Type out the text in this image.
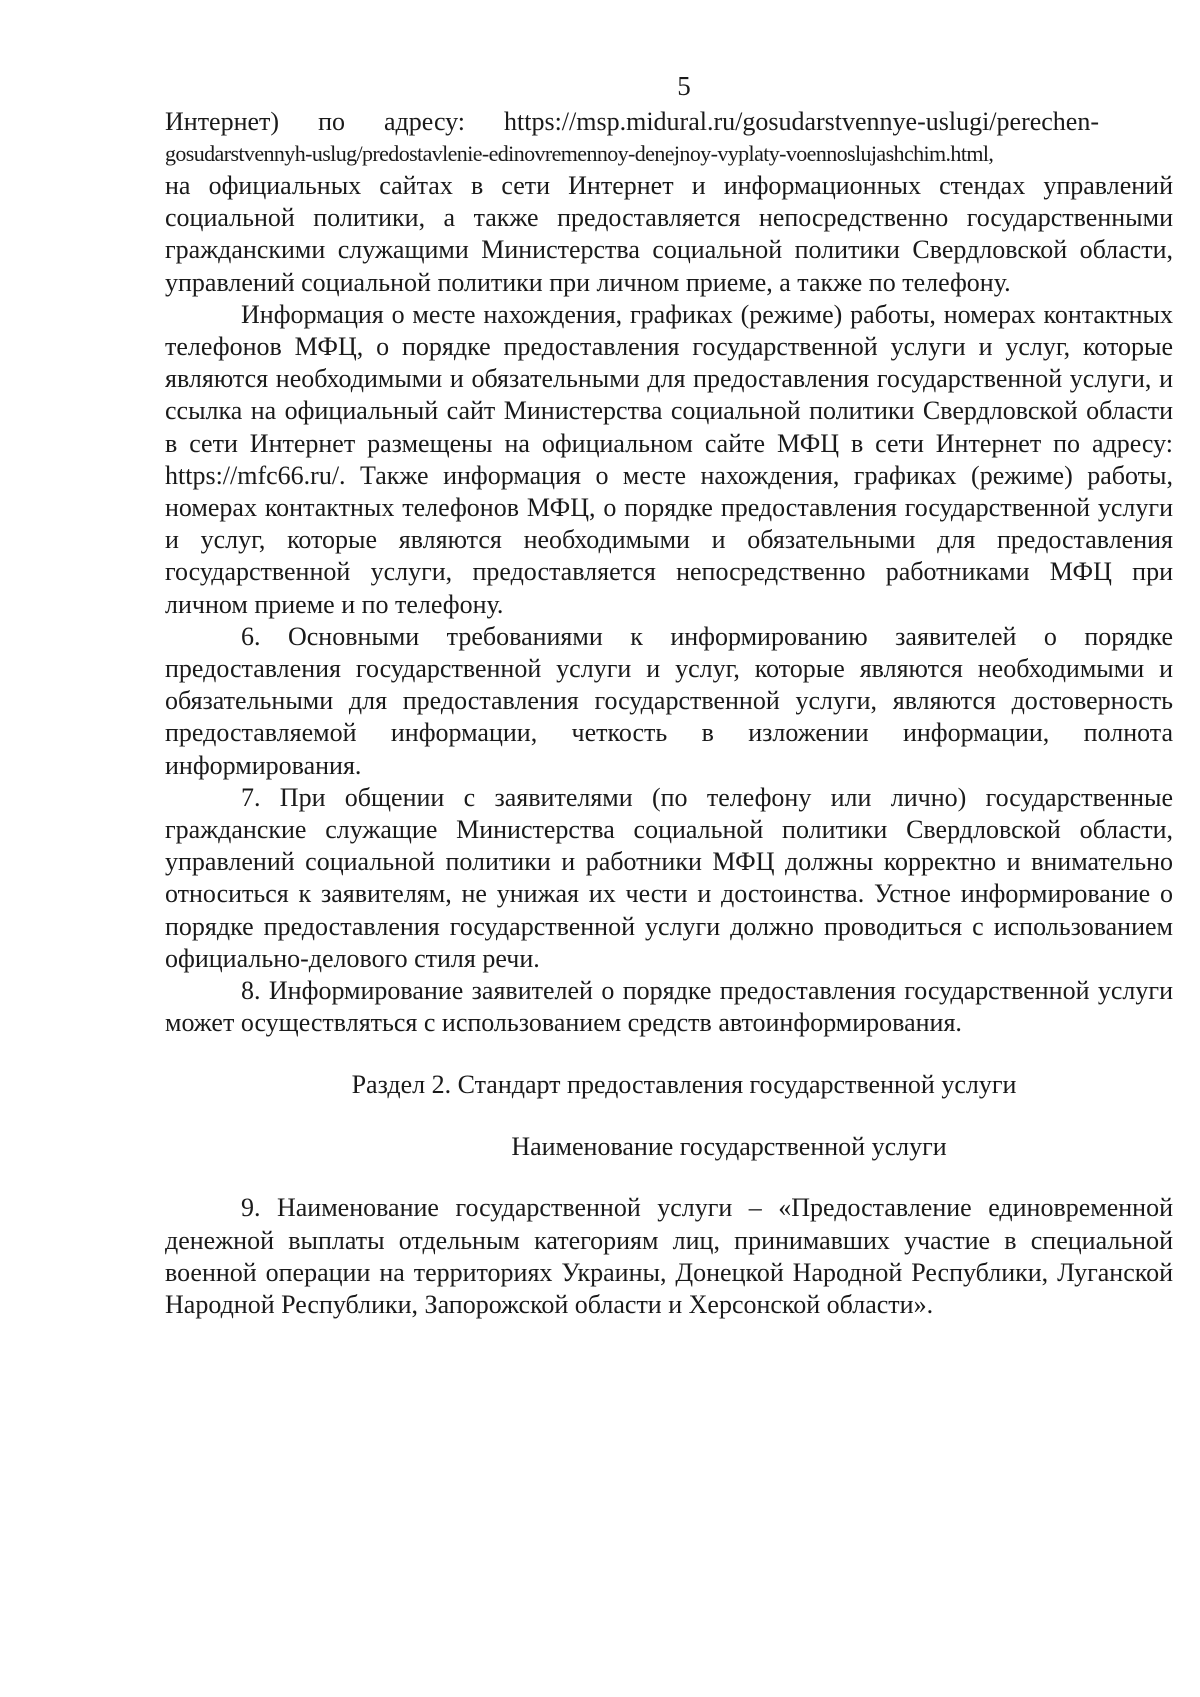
5

Интернет)      по      адресу:      https://msp.midural.ru/gosudarstvennye-uslugi/perechen-

gosudarstvennyh-uslug/predostavlenie-edinovremennoy-denejnoy-vyplaty-voennoslujashchim.html,

на официальных сайтах в сети Интернет и информационных стендах управлений социальной политики, а также предоставляется непосредственно государственными гражданскими служащими Министерства социальной политики Свердловской области, управлений социальной политики при личном приеме, а также по телефону.

Информация о месте нахождения, графиках (режиме) работы, номерах контактных телефонов МФЦ, о порядке предоставления государственной услуги и услуг, которые являются необходимыми и обязательными для предоставления государственной услуги, и ссылка на официальный сайт Министерства социальной политики Свердловской области в сети Интернет размещены на официальном сайте МФЦ в сети Интернет по адресу: https://mfc66.ru/. Также информация о месте нахождения, графиках (режиме) работы, номерах контактных телефонов МФЦ, о порядке предоставления государственной услуги и услуг, которые являются необходимыми и обязательными для предоставления государственной услуги, предоставляется непосредственно работниками МФЦ при личном приеме и по телефону.

6. Основными требованиями к информированию заявителей о порядке предоставления государственной услуги и услуг, которые являются необходимыми и обязательными для предоставления государственной услуги, являются достоверность предоставляемой информации, четкость в изложении информации, полнота информирования.

7. При общении с заявителями (по телефону или лично) государственные гражданские служащие Министерства социальной политики Свердловской области, управлений социальной политики и работники МФЦ должны корректно и внимательно относиться к заявителям, не унижая их чести и достоинства. Устное информирование о порядке предоставления государственной услуги должно проводиться с использованием официально-делового стиля речи.

8. Информирование заявителей о порядке предоставления государственной услуги может осуществляться с использованием средств автоинформирования.

Раздел 2. Стандарт предоставления государственной услуги
Наименование государственной услуги

9. Наименование государственной услуги – «Предоставление единовременной денежной выплаты отдельным категориям лиц, принимавших участие в специальной военной операции на территориях Украины, Донецкой Народной Республики, Луганской Народной Республики, Запорожской области и Херсонской области».
